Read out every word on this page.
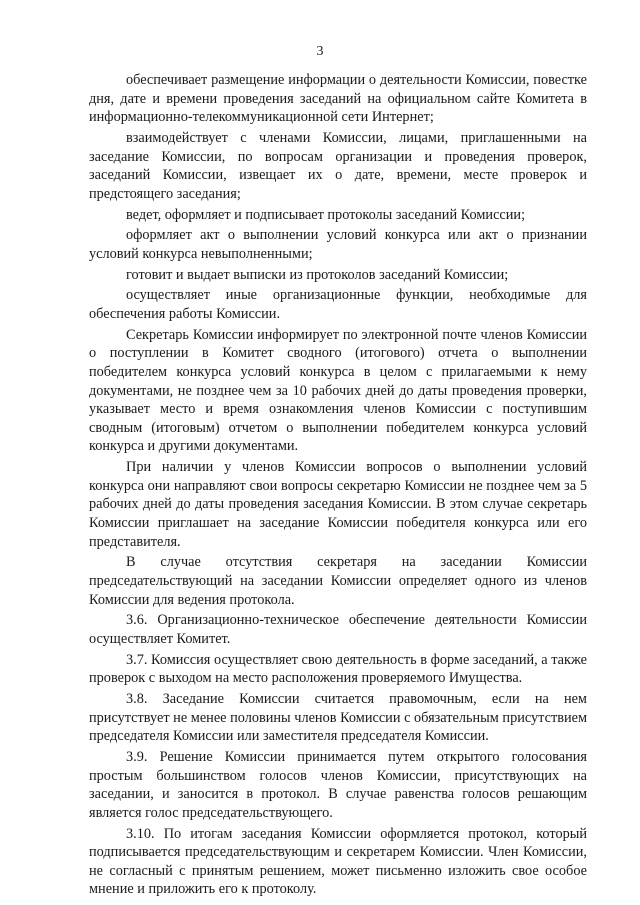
3

обеспечивает размещение информации о деятельности Комиссии, повестке дня, дате и времени проведения заседаний на официальном сайте Комитета в информационно-телекоммуникационной сети Интернет;

взаимодействует с членами Комиссии, лицами, приглашенными на заседание Комиссии, по вопросам организации и проведения проверок, заседаний Комиссии, извещает их о дате, времени, месте проверок и предстоящего заседания;

ведет, оформляет и подписывает протоколы заседаний Комиссии;

оформляет акт о выполнении условий конкурса или акт о признании условий конкурса невыполненными;

готовит и выдает выписки из протоколов заседаний Комиссии;

осуществляет иные организационные функции, необходимые для обеспечения работы Комиссии.

Секретарь Комиссии информирует по электронной почте членов Комиссии о поступлении в Комитет сводного (итогового) отчета о выполнении победителем конкурса условий конкурса в целом с прилагаемыми к нему документами, не позднее чем за 10 рабочих дней до даты проведения проверки, указывает место и время ознакомления членов Комиссии с поступившим сводным (итоговым) отчетом о выполнении победителем конкурса условий конкурса и другими документами.

При наличии у членов Комиссии вопросов о выполнении условий конкурса они направляют свои вопросы секретарю Комиссии не позднее чем за 5 рабочих дней до даты проведения заседания Комиссии. В этом случае секретарь Комиссии приглашает на заседание Комиссии победителя конкурса или его представителя.

В случае отсутствия секретаря на заседании Комиссии председательствующий на заседании Комиссии определяет одного из членов Комиссии для ведения протокола.

3.6. Организационно-техническое обеспечение деятельности Комиссии осуществляет Комитет.

3.7. Комиссия осуществляет свою деятельность в форме заседаний, а также проверок с выходом на место расположения проверяемого Имущества.

3.8. Заседание Комиссии считается правомочным, если на нем присутствует не менее половины членов Комиссии с обязательным присутствием председателя Комиссии или заместителя председателя Комиссии.

3.9. Решение Комиссии принимается путем открытого голосования простым большинством голосов членов Комиссии, присутствующих на заседании, и заносится в протокол. В случае равенства голосов решающим является голос председательствующего.

3.10. По итогам заседания Комиссии оформляется протокол, который подписывается председательствующим и секретарем Комиссии. Член Комиссии, не согласный с принятым решением, может письменно изложить свое особое мнение и приложить его к протоколу.
